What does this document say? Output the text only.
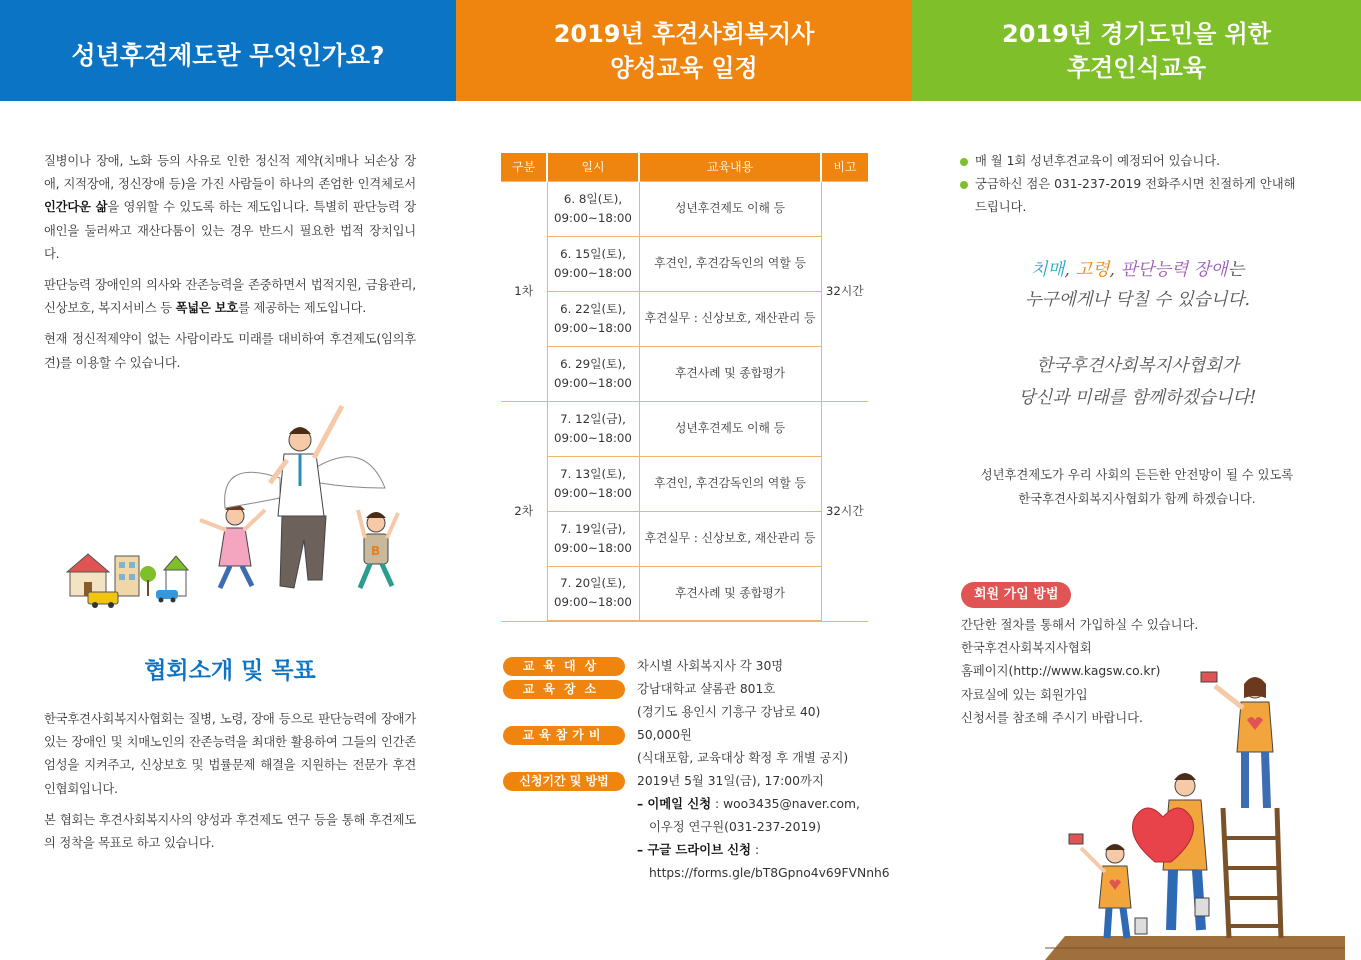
성년후견제도란 무엇인가요?
2019년 후견사회복지사
양성교육 일정
2019년 경기도민을 위한
후견인식교육

질병이나 장애, 노화 등의 사유로 인한 정신적 제약(치매나 뇌손상 장애, 지적장애, 정신장애 등)을 가진 사람들이 하나의 존엄한 인격체로서 인간다운 삶을 영위할 수 있도록 하는 제도입니다. 특별히 판단능력 장애인을 둘러싸고 재산다툼이 있는 경우 반드시 필요한 법적 장치입니다.

판단능력 장애인의 의사와 잔존능력을 존중하면서 법적지원, 금융관리, 신상보호, 복지서비스 등 폭넓은 보호를 제공하는 제도입니다.

현재 정신적제약이 없는 사람이라도 미래를 대비하여 후견제도(임의후견)를 이용할 수 있습니다.

B
협회소개 및 목표

한국후견사회복지사협회는 질병, 노령, 장애 등으로 판단능력에 장애가 있는 장애인 및 치매노인의 잔존능력을 최대한 활용하여 그들의 인간존엄성을 지켜주고, 신상보호 및 법률문제 해결을 지원하는 전문가 후견인협회입니다.

본 협회는 후견사회복지사의 양성과 후견제도 연구 등을 통해 후견제도의 정착을 목표로 하고 있습니다.

구분	일시	교육내용	비고
1차	6. 8일(토),
09:00~18:00	성년후견제도 이해 등	32시간

	6. 15일(토),
09:00~18:00	후견인, 후견감독인의 역할 등	

	6. 22일(토),
09:00~18:00	후견실무 : 신상보호, 재산관리 등	

	6. 29일(토),
09:00~18:00	후견사례 및 종합평가	
2차	7. 12일(금),
09:00~18:00	성년후견제도 이해 등	32시간

	7. 13일(토),
09:00~18:00	후견인, 후견감독인의 역할 등	

	7. 19일(금),
09:00~18:00	후견실무 : 신상보호, 재산관리 등	

	7. 20일(토),
09:00~18:00	후견사례 및 종합평가	
교육대상	차시별 사회복지사 각 30명
교육장소	강남대학교 샬롬관 801호
(경기도 용인시 기흥구 강남로 40)
교육참가비	50,000원
(식대포함, 교육대상 확정 후 개별 공지)
신청기간 및 방법	2019년 5월 31일(금), 17:00까지
– 이메일 신청 : woo3435@naver.com,
이우정 연구원(031-237-2019)
– 구글 드라이브 신청 :
https://forms.gle/bT8Gpno4v69FVNnh6
매 월 1회 성년후견교육이 예정되어 있습니다.
궁금하신 점은 031-237-2019 전화주시면 친절하게 안내해 드립니다.
치매, 고령, 판단능력 장애는
누구에게나 닥칠 수 있습니다.
한국후견사회복지사협회가
당신과 미래를 함께하겠습니다!
성년후견제도가 우리 사회의 든든한 안전망이 될 수 있도록
한국후견사회복지사협회가 함께 하겠습니다.
회원 가입 방법
간단한 절차를 통해서 가입하실 수 있습니다.
한국후견사회복지사협회
홈페이지(http://www.kagsw.co.kr)
자료실에 있는 회원가입
신청서를 참조해 주시기 바랍니다.
